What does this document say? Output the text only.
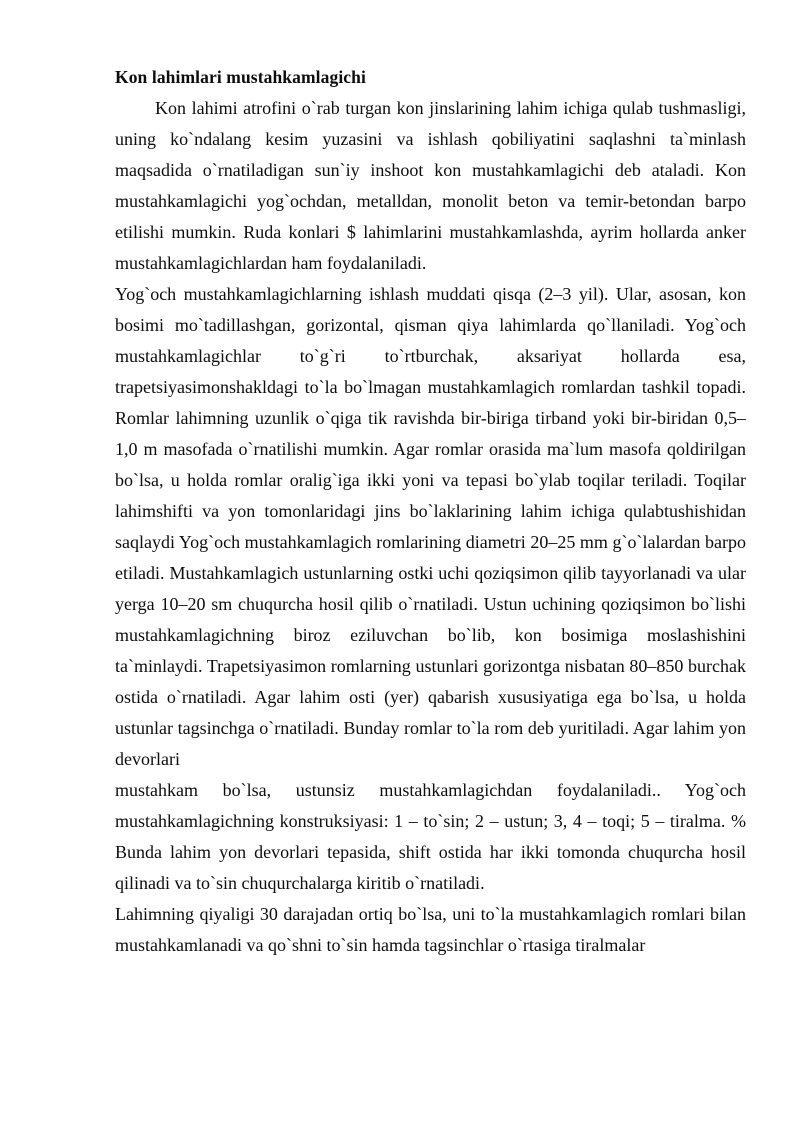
Kon lahimlari mustahkamlagichi

Kon lahimi atrofini o`rab turgan kon jinslarining lahim ichiga qulab tushmasligi, uning ko`ndalang kesim yuzasini va ishlash qobiliyatini saqlashni ta`minlash maqsadida o`rnatiladigan sun`iy inshoot kon mustahkamlagichi deb ataladi. Kon mustahkamlagichi yog`ochdan, metalldan, monolit beton va temir-betondan barpo etilishi mumkin. Ruda konlari $ lahimlarini mustahkamlashda, ayrim hollarda anker mustahkamlagichlardan ham foydalaniladi.

Yog`och mustahkamlagichlarning ishlash muddati qisqa (2–3 yil). Ular, asosan, kon bosimi mo`tadillashgan, gorizontal, qisman qiya lahimlarda qo`llaniladi. Yog`och mustahkamlagichlar to`g`ri to`rtburchak, aksariyat hollarda esa, trapetsiyasimonshakldagi to`la bo`lmagan mustahkamlagich romlardan tashkil topadi. Romlar lahimning uzunlik o`qiga tik ravishda bir-biriga tirband yoki bir-biridan 0,5–1,0 m masofada o`rnatilishi mumkin. Agar romlar orasida ma`lum masofa qoldirilgan bo`lsa, u holda romlar oralig`iga ikki yoni va tepasi bo`ylab toqilar teriladi. Toqilar lahimshifti va yon tomonlaridagi jins bo`laklarining lahim ichiga qulabtushishidan saqlaydi Yog`och mustahkamlagich romlarining diametri 20–25 mm g`o`lalardan barpo etiladi. Mustahkamlagich ustunlarning ostki uchi qoziqsimon qilib tayyorlanadi va ular yerga 10–20 sm chuqurcha hosil qilib o`rnatiladi. Ustun uchining qoziqsimon bo`lishi mustahkamlagichning biroz eziluvchan bo`lib, kon bosimiga moslashishini ta`minlaydi. Trapetsiyasimon romlarning ustunlari gorizontga nisbatan 80–850 burchak ostida o`rnatiladi. Agar lahim osti (yer) qabarish xususiyatiga ega bo`lsa, u holda ustunlar tagsinchga o`rnatiladi. Bunday romlar to`la rom deb yuritiladi. Agar lahim yon devorlari

mustahkam bo`lsa, ustunsiz mustahkamlagichdan foydalaniladi.. Yog`och mustahkamlagichning konstruksiyasi: 1 – to`sin; 2 – ustun; 3, 4 – toqi; 5 – tiralma. % Bunda lahim yon devorlari tepasida, shift ostida har ikki tomonda chuqurcha hosil qilinadi va to`sin chuqurchalarga kiritib o`rnatiladi.

Lahimning qiyaligi 30 darajadan ortiq bo`lsa, uni to`la mustahkamlagich romlari bilan mustahkamlanadi va qo`shni to`sin hamda tagsinchlar o`rtasiga tiralmalar
